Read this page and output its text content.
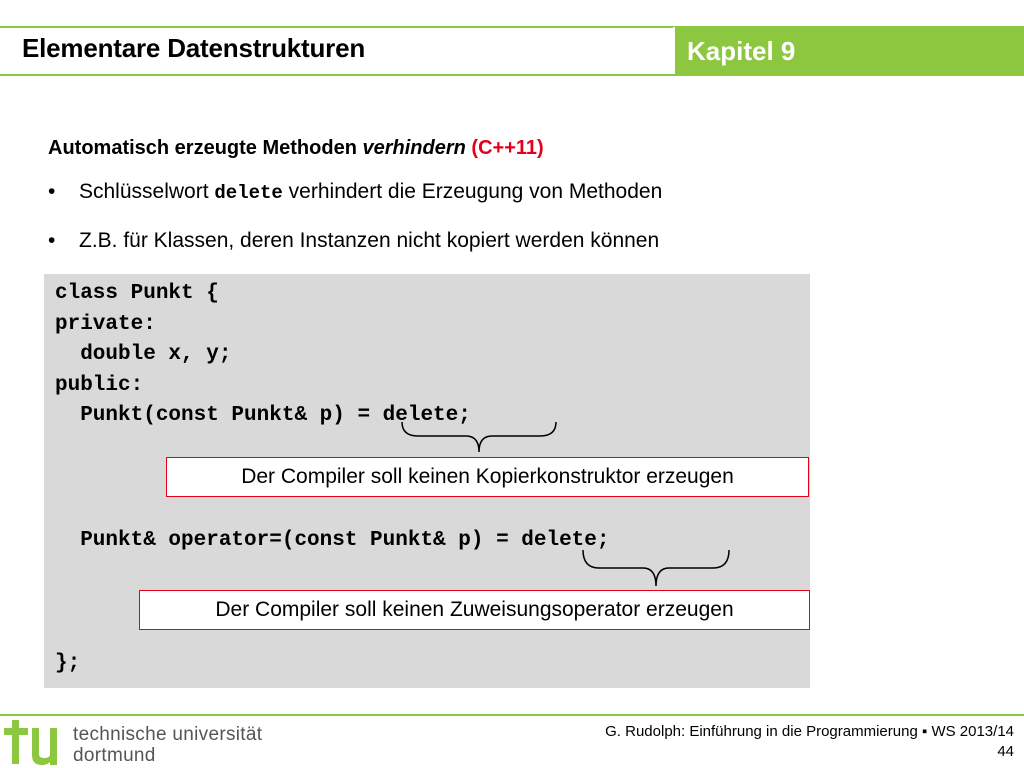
Elementare Datenstrukturen	Kapitel 9
Automatisch erzeugte Methoden verhindern (C++11)
• Schlüsselwort delete verhindert die Erzeugung von Methoden
• Z.B. für Klassen, deren Instanzen nicht kopiert werden können
class Punkt {
private:
double x, y;
public:
Punkt(const Punkt& p) = delete;
Punkt& operator=(const Punkt& p) = delete;
};
Der Compiler soll keinen Kopierkonstruktor erzeugen
Der Compiler soll keinen Zuweisungsoperator erzeugen
technische universität
dortmund
G. Rudolph: Einführung in die Programmierung ▪ WS 2013/14
44
